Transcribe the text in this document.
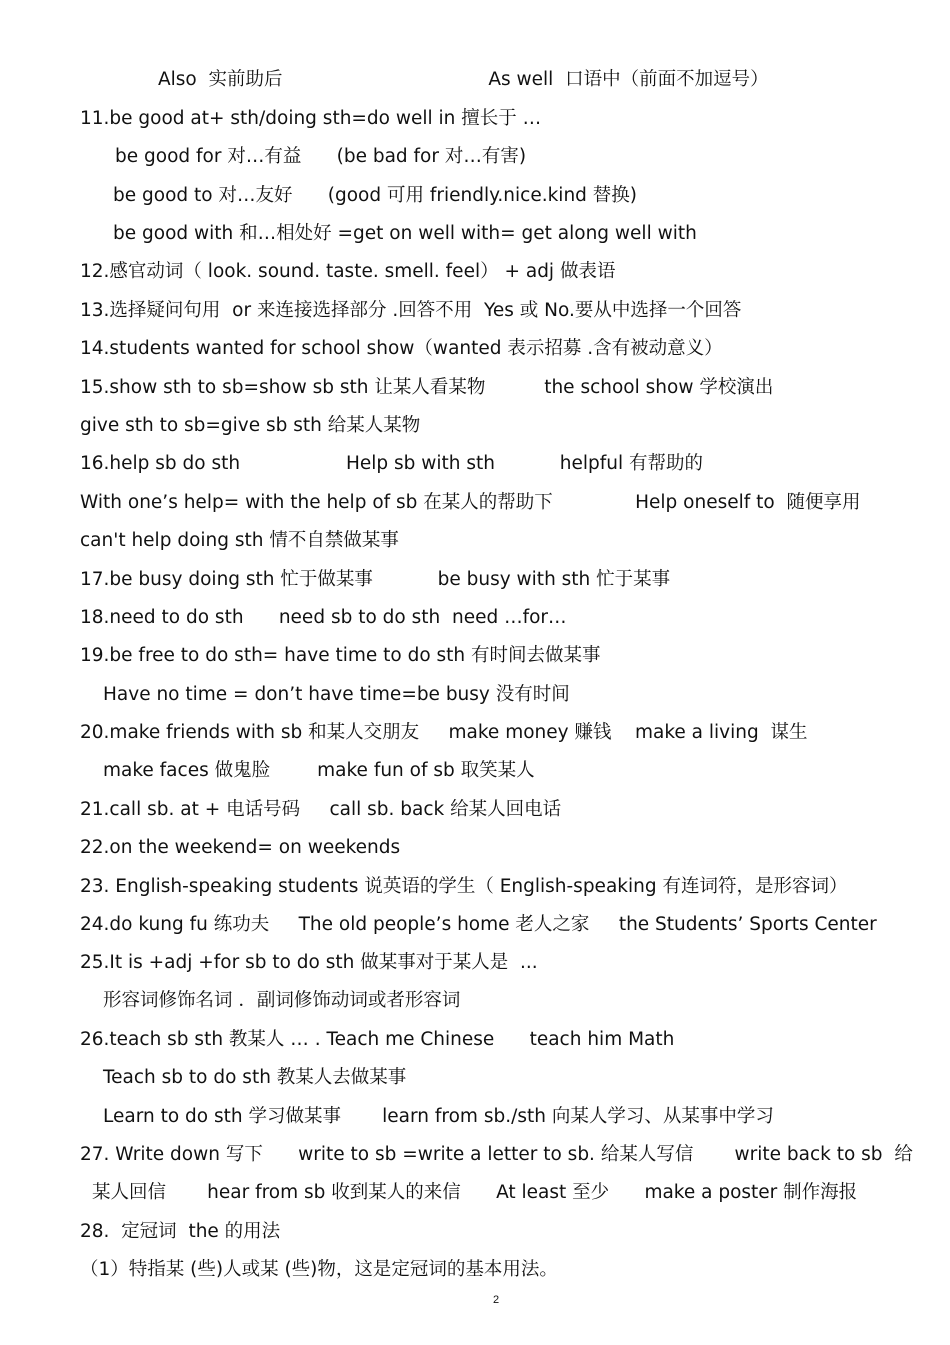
Also  实前助后                                   As well  口语中（前面不加逗号）
11.be good at+ sth/doing sth=do well in 擅长于 …
be good for 对…有益      (be bad for 对…有害)
be good to 对…友好      (good 可用 friendly.nice.kind 替换)
be good with 和…相处好 =get on well with= get along well with
12.感官动词（ look. sound. taste. smell. feel） + adj 做表语
13.选择疑问句用  or 来连接选择部分 .回答不用  Yes 或 No.要从中选择一个回答
14.students wanted for school show（wanted 表示招募 .含有被动意义）
15.show sth to sb=show sb sth 让某人看某物          the school show 学校演出
give sth to sb=give sb sth 给某人某物
16.help sb do sth                  Help sb with sth           helpful 有帮助的
With one’s help= with the help of sb 在某人的帮助下              Help oneself to  随便享用
can't help doing sth 情不自禁做某事
17.be busy doing sth 忙于做某事           be busy with sth 忙于某事
18.need to do sth      need sb to do sth  need …for…
19.be free to do sth= have time to do sth 有时间去做某事
Have no time = don’t have time=be busy 没有时间
20.make friends with sb 和某人交朋友     make money 赚钱    make a living  谋生
make faces 做鬼脸        make fun of sb 取笑某人
21.call sb. at + 电话号码     call sb. back 给某人回电话
22.on the weekend= on weekends
23. English-speaking students 说英语的学生（ English-speaking 有连词符，是形容词）
24.do kung fu 练功夫     The old people’s home 老人之家     the Students’ Sports Center
25.It is +adj +for sb to do sth 做某事对于某人是  ...
形容词修饰名词 ．副词修饰动词或者形容词
26.teach sb sth 教某人 … . Teach me Chinese      teach him Math
Teach sb to do sth 教某人去做某事
Learn to do sth 学习做某事       learn from sb./sth 向某人学习、从某事中学习
27. Write down 写下      write to sb =write a letter to sb. 给某人写信       write back to sb  给
某人回信       hear from sb 收到某人的来信      At least 至少      make a poster 制作海报
28.  定冠词  the 的用法
（1）特指某 (些)人或某 (些)物，这是定冠词的基本用法。
2
